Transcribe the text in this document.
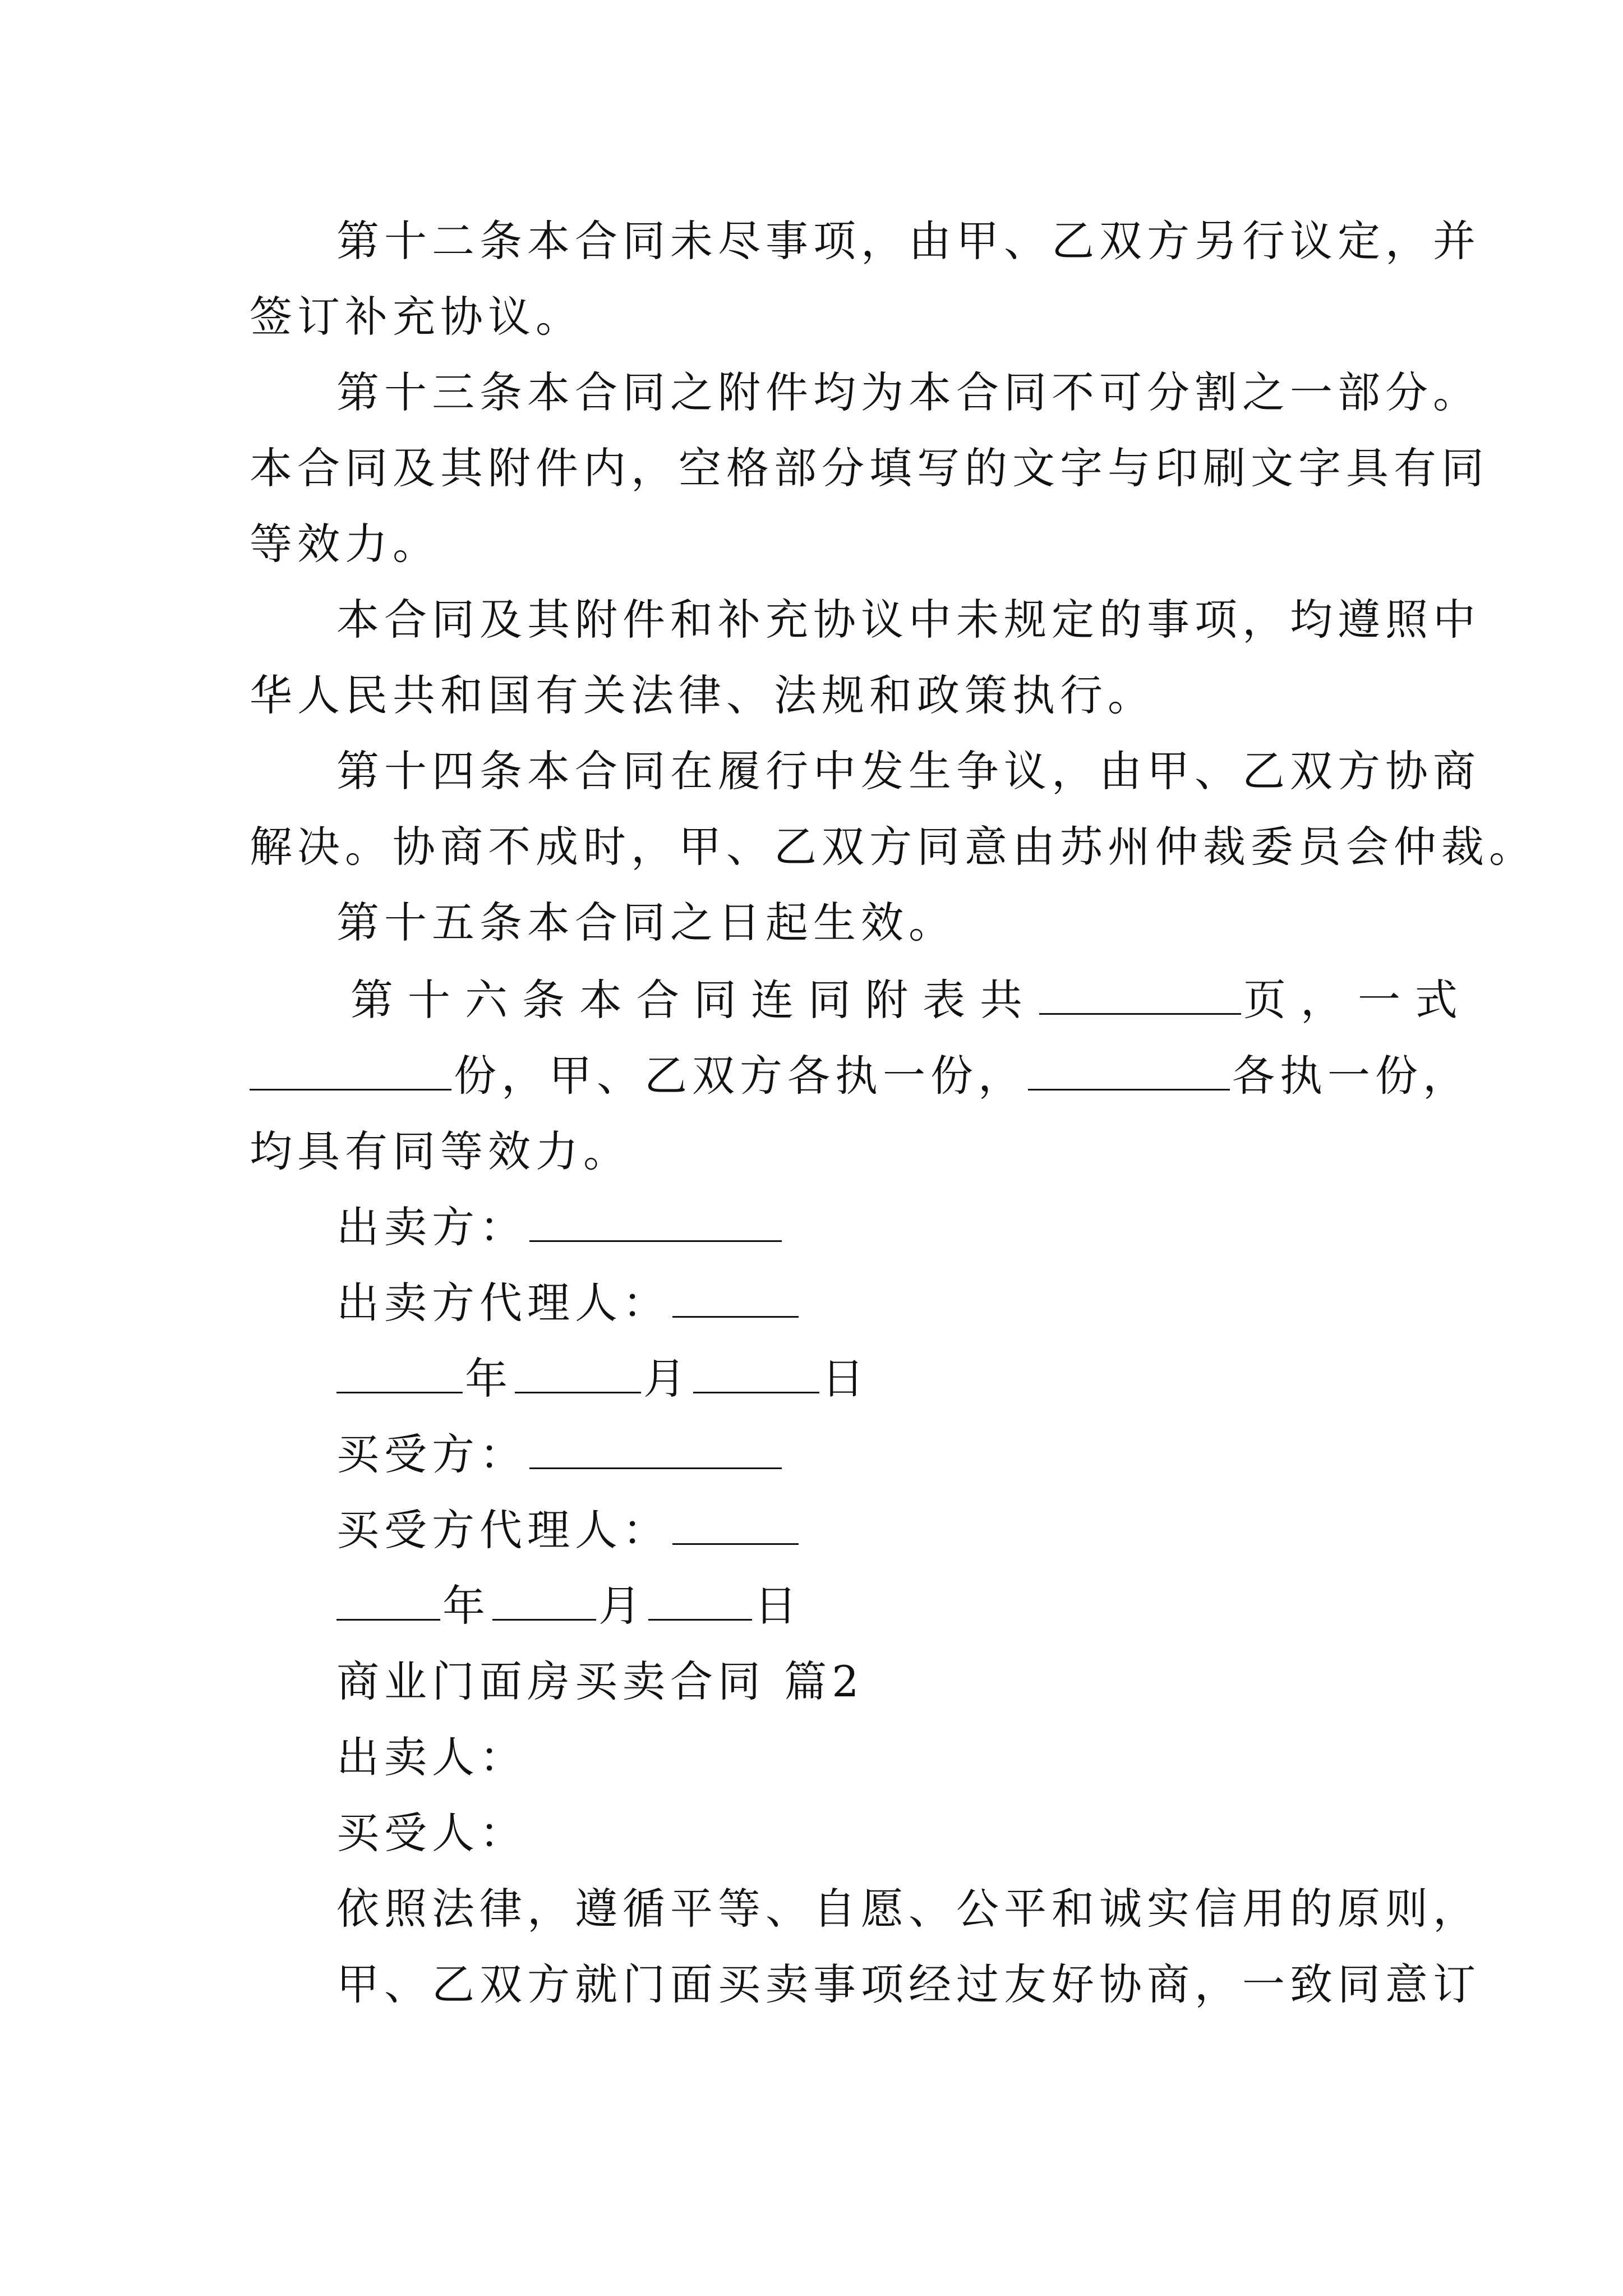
第十二条本合同未尽事项，由甲、乙双方另行议定，并
签订补充协议。
第十三条本合同之附件均为本合同不可分割之一部分。
本合同及其附件内，空格部分填写的文字与印刷文字具有同
等效力。
本合同及其附件和补充协议中未规定的事项，均遵照中
华人民共和国有关法律、法规和政策执行。
第十四条本合同在履行中发生争议，由甲、乙双方协商
解决。协商不成时，甲、乙双方同意由苏州仲裁委员会仲裁。
第十五条本合同之日起生效。
第十六条本合同连同附表共	页，一式
份，甲、乙双方各执一份，	各执一份，
均具有同等效力。
出卖方：
出卖方代理人：
年	月	日
买受方：
买受方代理人：
年	月	日
商业门面房买卖合同 篇2
出卖人：
买受人：
依照法律，遵循平等、自愿、公平和诚实信用的原则，
甲、乙双方就门面买卖事项经过友好协商，一致同意订
